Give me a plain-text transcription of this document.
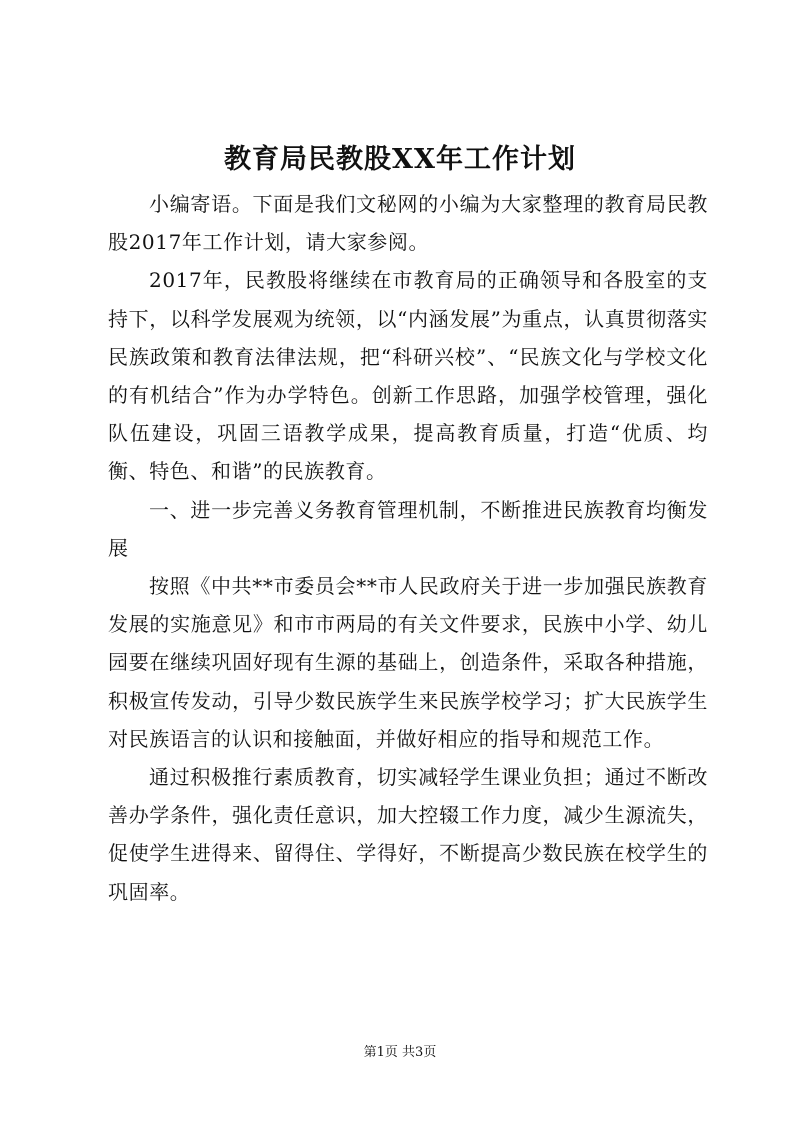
教育局民教股XX年工作计划

小编寄语。下面是我们文秘网的小编为大家整理的教育局民教股2017年工作计划，请大家参阅。

2017年，民教股将继续在市教育局的正确领导和各股室的支持下，以科学发展观为统领，以“内涵发展”为重点，认真贯彻落实民族政策和教育法律法规，把“科研兴校”、“民族文化与学校文化的有机结合”作为办学特色。创新工作思路，加强学校管理，强化队伍建设，巩固三语教学成果，提高教育质量，打造“优质、均衡、特色、和谐”的民族教育。

一、进一步完善义务教育管理机制，不断推进民族教育均衡发展

按照《中共**市委员会**市人民政府关于进一步加强民族教育发展的实施意见》和市市两局的有关文件要求，民族中小学、幼儿园要在继续巩固好现有生源的基础上，创造条件，采取各种措施，积极宣传发动，引导少数民族学生来民族学校学习；扩大民族学生对民族语言的认识和接触面，并做好相应的指导和规范工作。

通过积极推行素质教育，切实减轻学生课业负担；通过不断改善办学条件，强化责任意识，加大控辍工作力度，减少生源流失，促使学生进得来、留得住、学得好，不断提高少数民族在校学生的巩固率。

第1页 共3页
